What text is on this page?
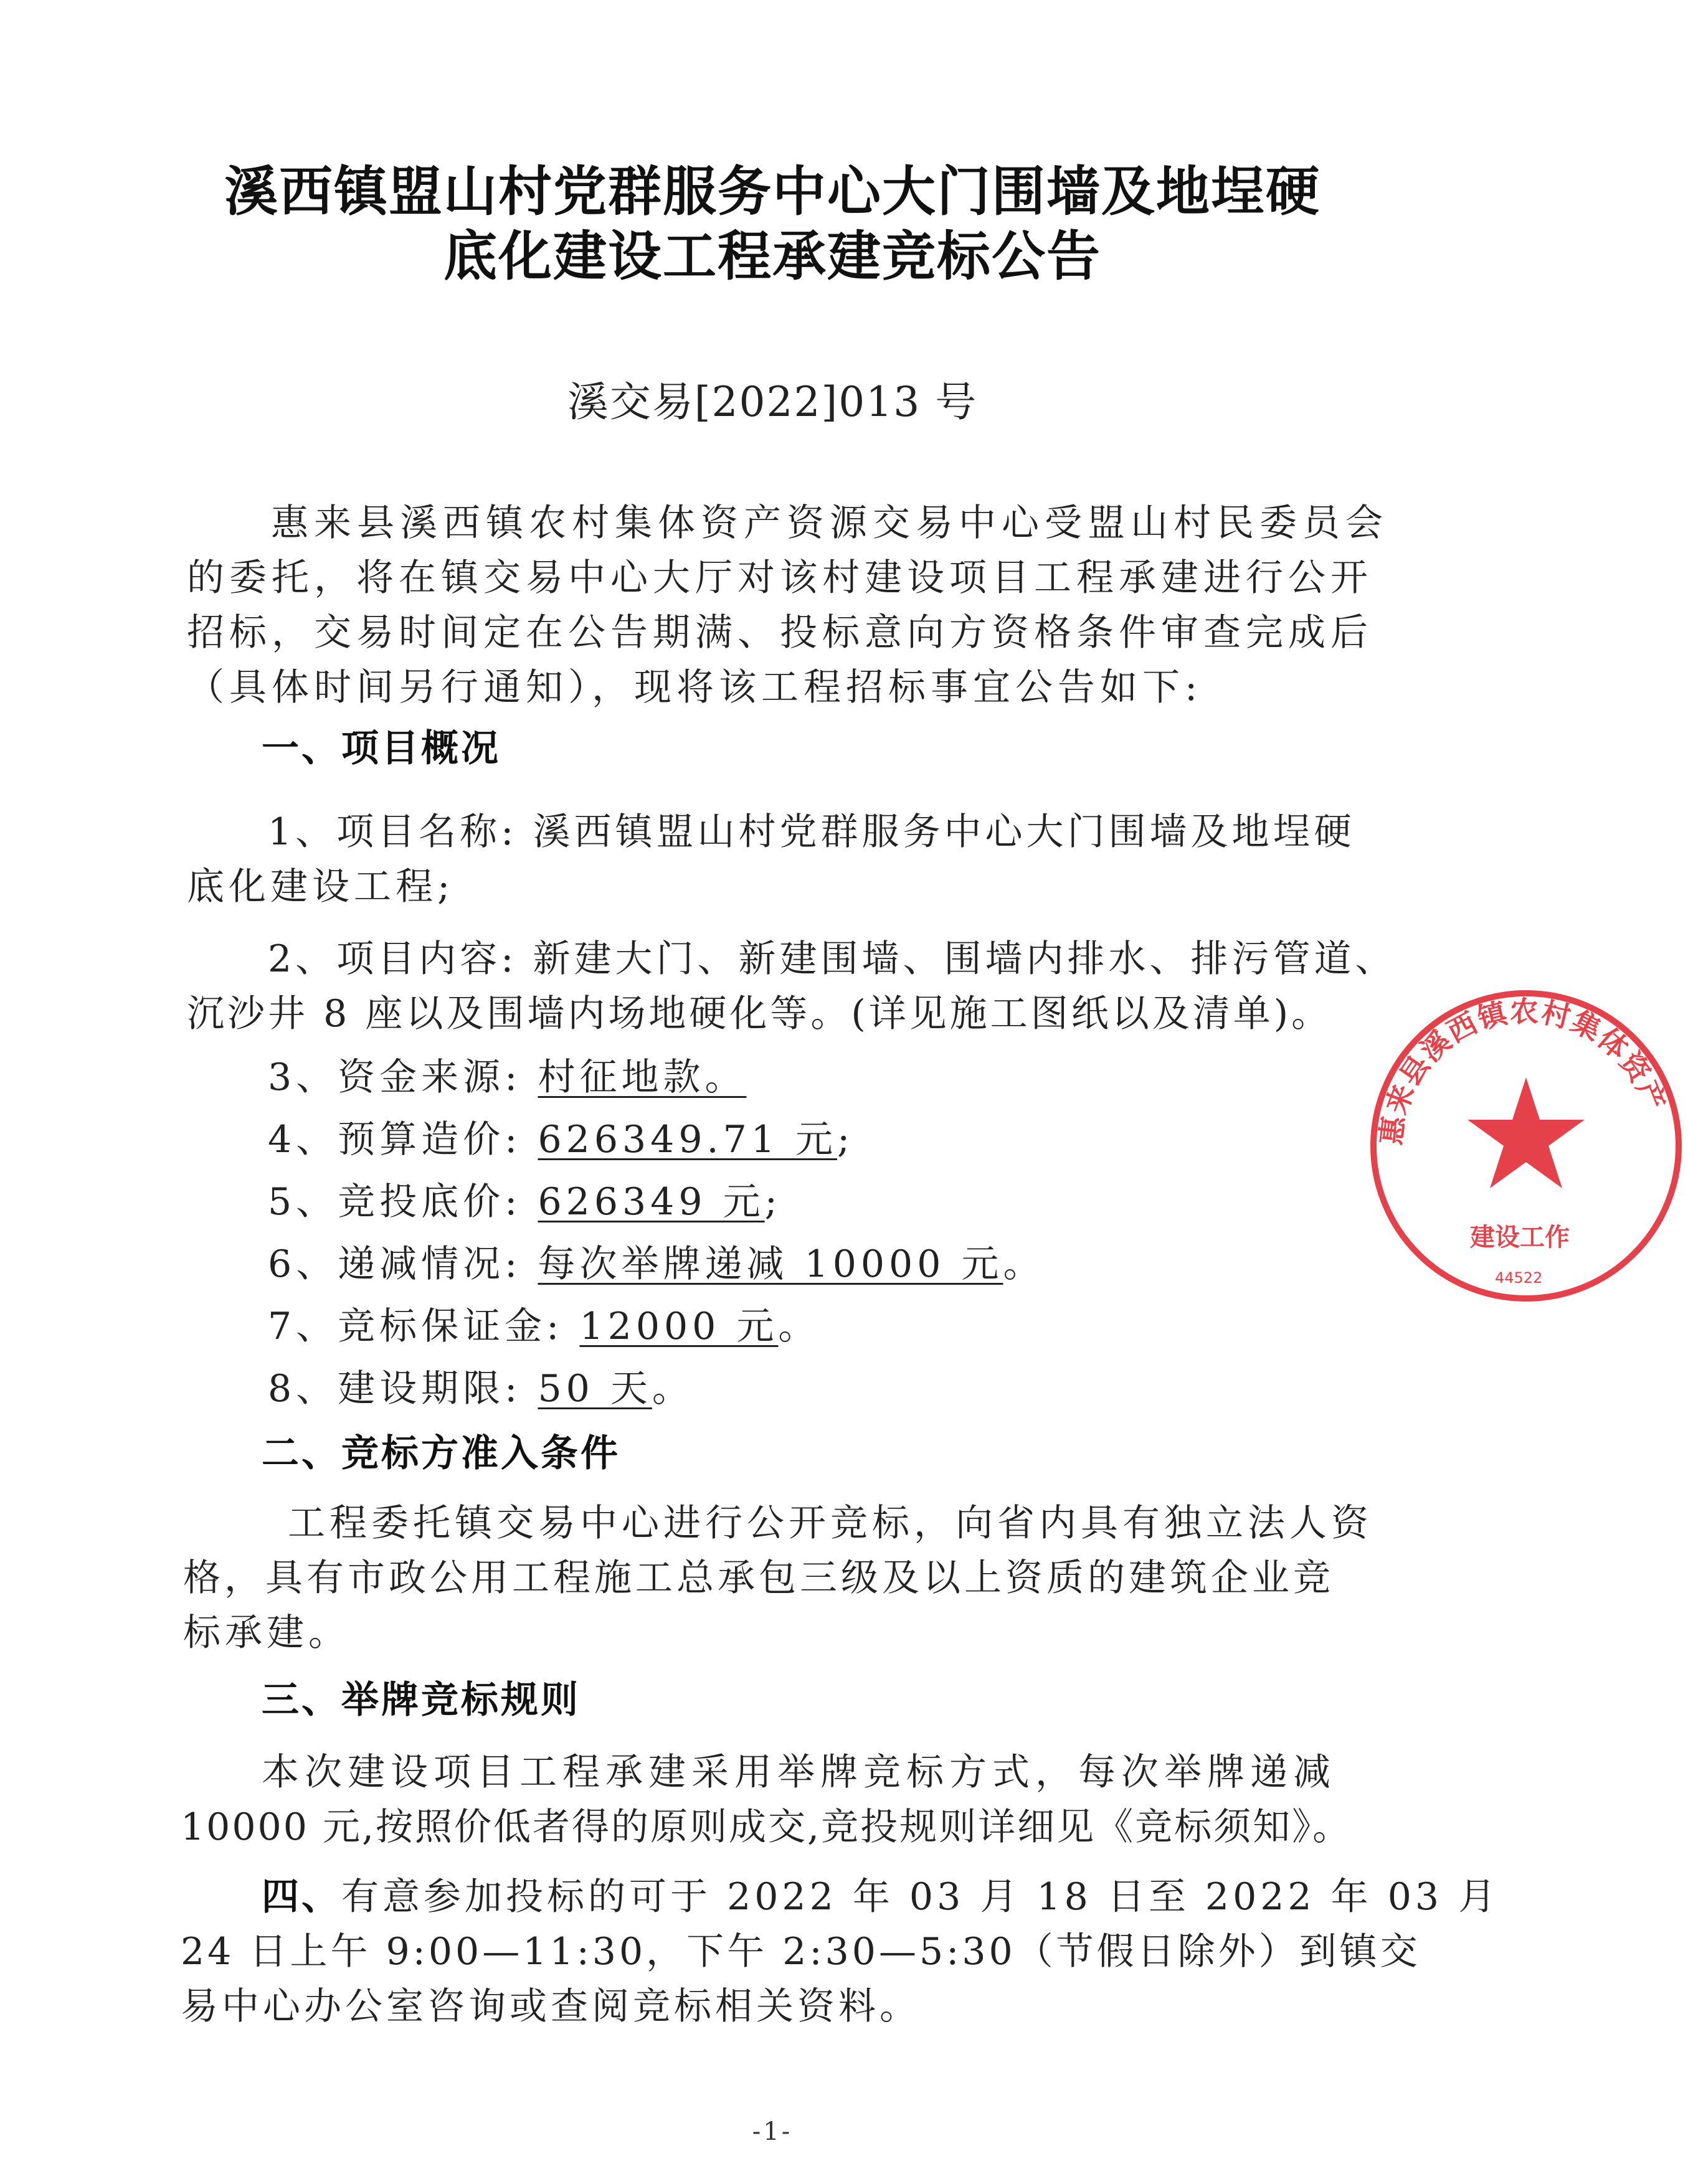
溪西镇盟山村党群服务中心大门围墙及地埕硬
底化建设工程承建竞标公告
溪交易[2022]013 号
惠来县溪西镇农村集体资产资源交易中心受盟山村民委员会
的委托，将在镇交易中心大厅对该村建设项目工程承建进行公开
招标，交易时间定在公告期满、投标意向方资格条件审查完成后
（具体时间另行通知），现将该工程招标事宜公告如下:
一、项目概况
1、项目名称: 溪西镇盟山村党群服务中心大门围墙及地埕硬
底化建设工程;
2、项目内容: 新建大门、新建围墙、围墙内排水、排污管道、
沉沙井 8 座以及围墙内场地硬化等。(详见施工图纸以及清单)。
3、资金来源: 村征地款。
4、预算造价: 626349.71 元;
5、竞投底价: 626349 元;
6、递减情况: 每次举牌递减 10000 元。
7、竞标保证金: 12000 元。
8、建设期限: 50 天。
二、竞标方准入条件
工程委托镇交易中心进行公开竞标，向省内具有独立法人资
格，具有市政公用工程施工总承包三级及以上资质的建筑企业竞
标承建。
三、举牌竞标规则
本次建设项目工程承建采用举牌竞标方式，每次举牌递减
10000 元,按照价低者得的原则成交,竞投规则详细见《竞标须知》。
四、有意参加投标的可于 2022 年 03 月 18 日至 2022 年 03 月
24 日上午 9:00—11:30，下午 2:30—5:30（节假日除外）到镇交
易中心办公室咨询或查阅竞标相关资料。
-1-
惠来县溪西镇农村集体资产
建设工作
44522
